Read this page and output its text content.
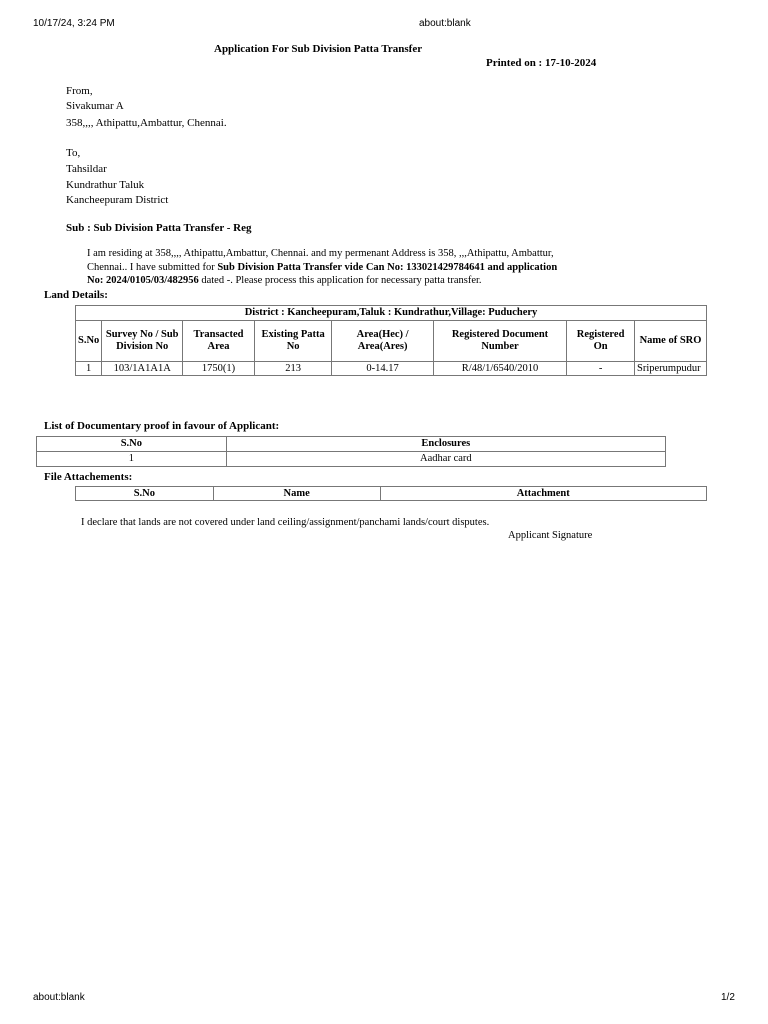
10/17/24, 3:24 PM	about:blank
Application For Sub Division Patta Transfer
Printed on : 17-10-2024
From,
Sivakumar A
358,,,, Athipattu,Ambattur, Chennai.
To,
Tahsildar
Kundrathur Taluk
Kancheepuram District
Sub : Sub Division Patta Transfer - Reg
I am residing at 358,,,, Athipattu,Ambattur, Chennai. and my permenant Address is 358, ,,,Athipattu, Ambattur,
Chennai.. I have submitted for Sub Division Patta Transfer vide Can No: 133021429784641 and application
No: 2024/0105/03/482956 dated -. Please process this application for necessary patta transfer.
Land Details:
District : Kancheepuram,Taluk : Kundrathur,Village: Puduchery							
S.No	Survey No / Sub Division No	Transacted Area	Existing Patta No	Area(Hec) / Area(Ares)	Registered Document Number	Registered On	Name of SRO
1	103/1A1A1A	1750(1)	213	0-14.17	R/48/1/6540/2010	-	Sriperumpudur
List of Documentary proof in favour of Applicant:
S.No	Enclosures
1	Aadhar card
File Attachements:
S.No	Name	Attachment
I declare that lands are not covered under land ceiling/assignment/panchami lands/court disputes.
Applicant Signature
about:blank	1/2
